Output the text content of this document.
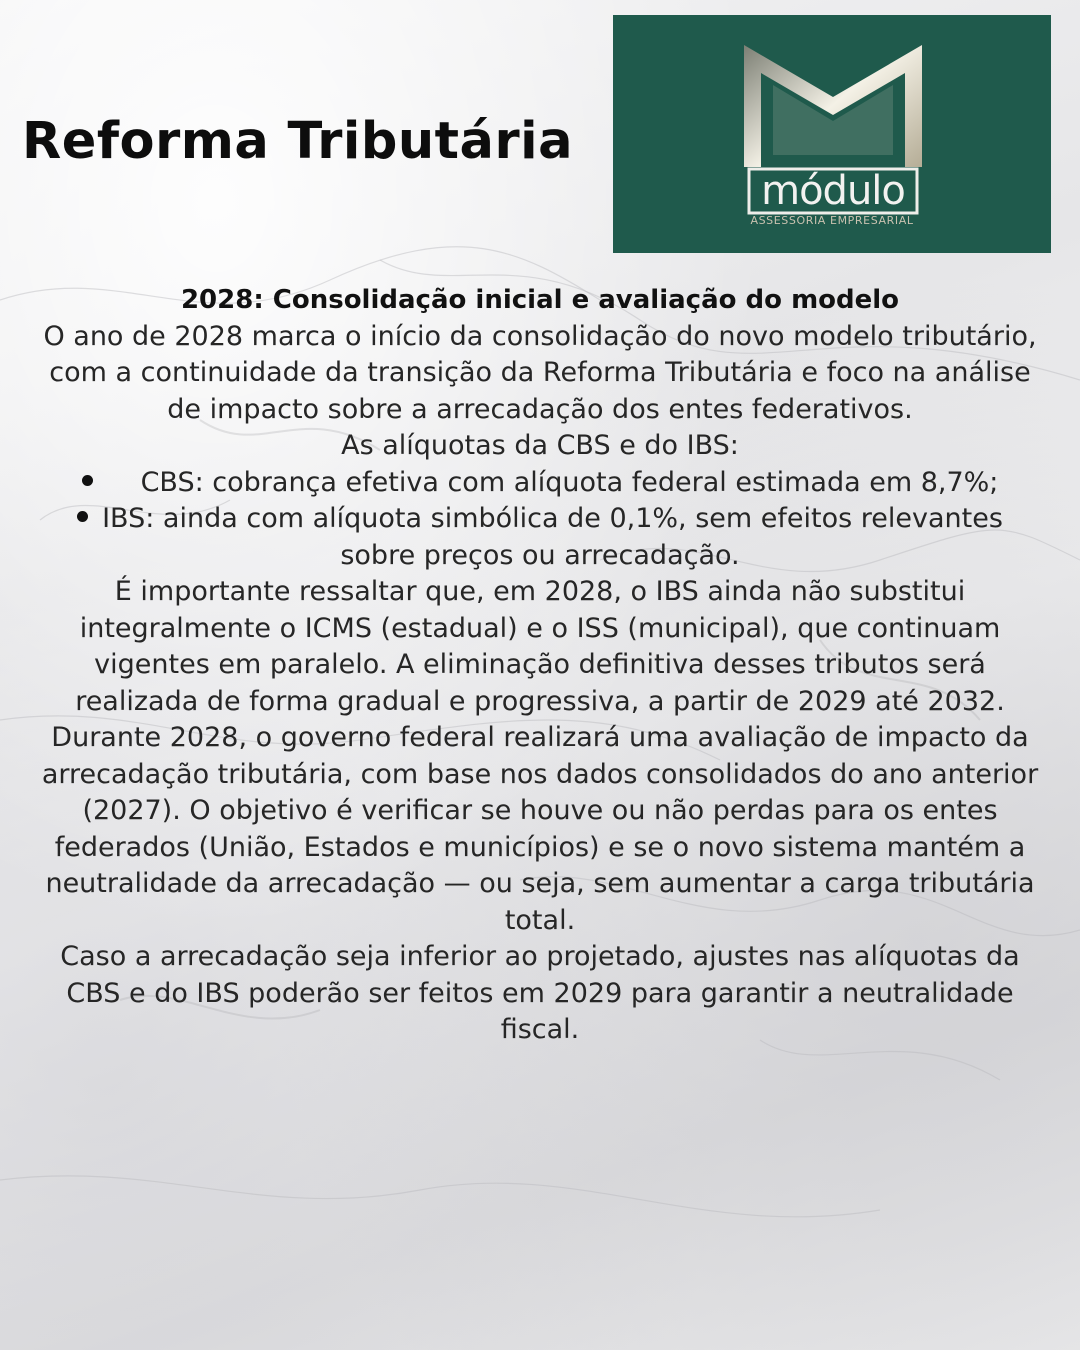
Reforma Tributária
módulo
ASSESSORIA EMPRESARIAL

2028: Consolidação inicial e avaliação do modelo

O ano de 2028 marca o início da consolidação do novo modelo tributário, com a continuidade da transição da Reforma Tributária e foco na análise de impacto sobre a arrecadação dos entes federativos.

As alíquotas da CBS e do IBS:

CBS: cobrança efetiva com alíquota federal estimada em 8,7%;
IBS: ainda com alíquota simbólica de 0,1%, sem efeitos relevantes sobre preços ou arrecadação.

É importante ressaltar que, em 2028, o IBS ainda não substitui integralmente o ICMS (estadual) e o ISS (municipal), que continuam vigentes em paralelo. A eliminação definitiva desses tributos será realizada de forma gradual e progressiva, a partir de 2029 até 2032.

Durante 2028, o governo federal realizará uma avaliação de impacto da arrecadação tributária, com base nos dados consolidados do ano anterior (2027). O objetivo é verificar se houve ou não perdas para os entes federados (União, Estados e municípios) e se o novo sistema mantém a neutralidade da arrecadação — ou seja, sem aumentar a carga tributária total.

Caso a arrecadação seja inferior ao projetado, ajustes nas alíquotas da CBS e do IBS poderão ser feitos em 2029 para garantir a neutralidade fiscal.
